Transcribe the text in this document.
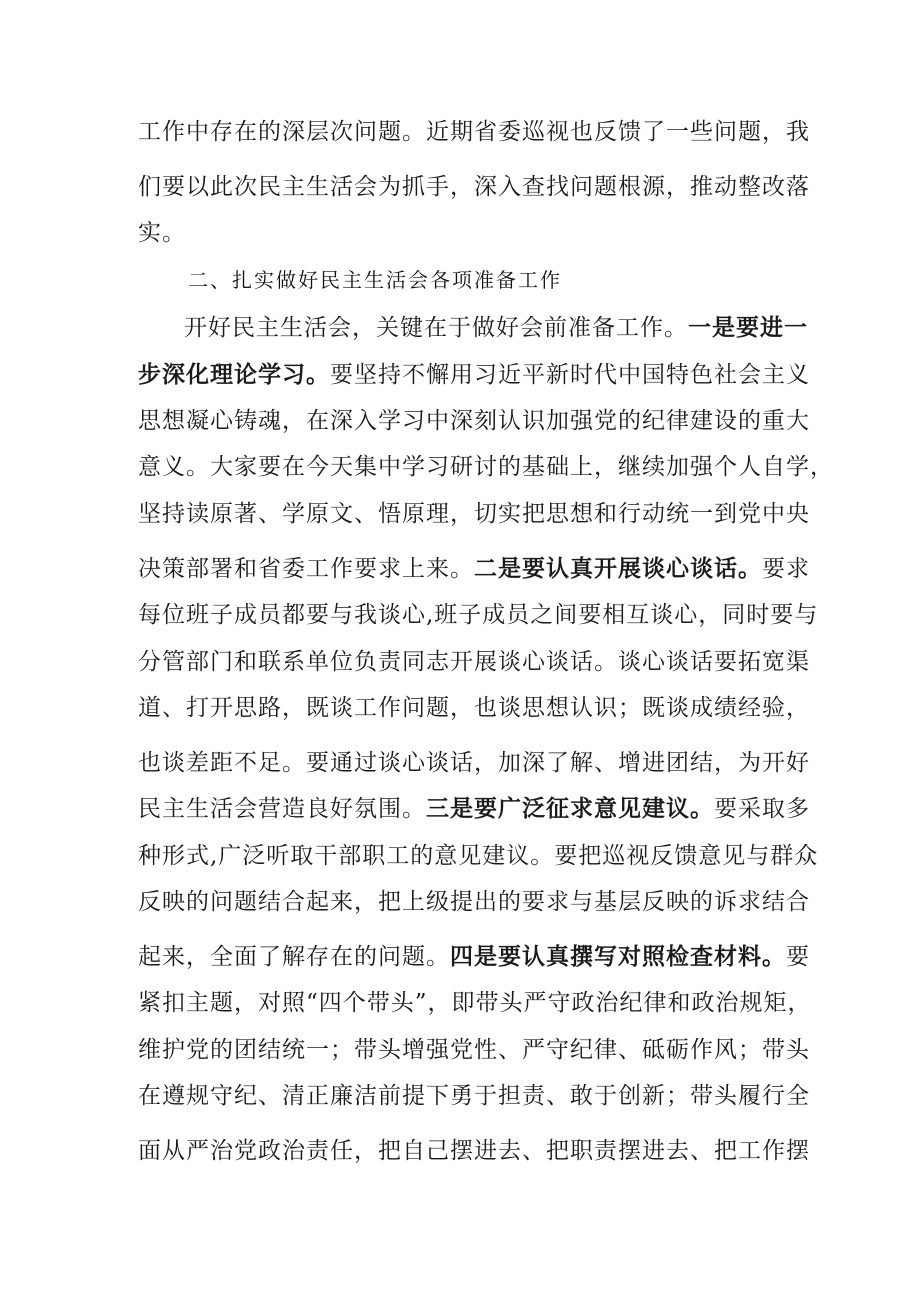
工作中存在的深层次问题。近期省委巡视也反馈了一些问题，我
们要以此次民主生活会为抓手，深入查找问题根源，推动整改落
实。
二、扎实做好民主生活会各项准备工作
开好民主生活会，关键在于做好会前准备工作。一是要进一
步深化理论学习。要坚持不懈用习近平新时代中国特色社会主义
思想凝心铸魂，在深入学习中深刻认识加强党的纪律建设的重大
意义。大家要在今天集中学习研讨的基础上，继续加强个人自学，
坚持读原著、学原文、悟原理，切实把思想和行动统一到党中央
决策部署和省委工作要求上来。二是要认真开展谈心谈话。要求
每位班子成员都要与我谈心,班子成员之间要相互谈心，同时要与
分管部门和联系单位负责同志开展谈心谈话。谈心谈话要拓宽渠
道、打开思路，既谈工作问题，也谈思想认识；既谈成绩经验，
也谈差距不足。要通过谈心谈话，加深了解、增进团结，为开好
民主生活会营造良好氛围。三是要广泛征求意见建议。要采取多
种形式,广泛听取干部职工的意见建议。要把巡视反馈意见与群众
反映的问题结合起来，把上级提出的要求与基层反映的诉求结合
起来，全面了解存在的问题。四是要认真撰写对照检查材料。要
紧扣主题，对照“四个带头”，即带头严守政治纪律和政治规矩，
维护党的团结统一；带头增强党性、严守纪律、砥砺作风；带头
在遵规守纪、清正廉洁前提下勇于担责、敢于创新；带头履行全
面从严治党政治责任，把自己摆进去、把职责摆进去、把工作摆
